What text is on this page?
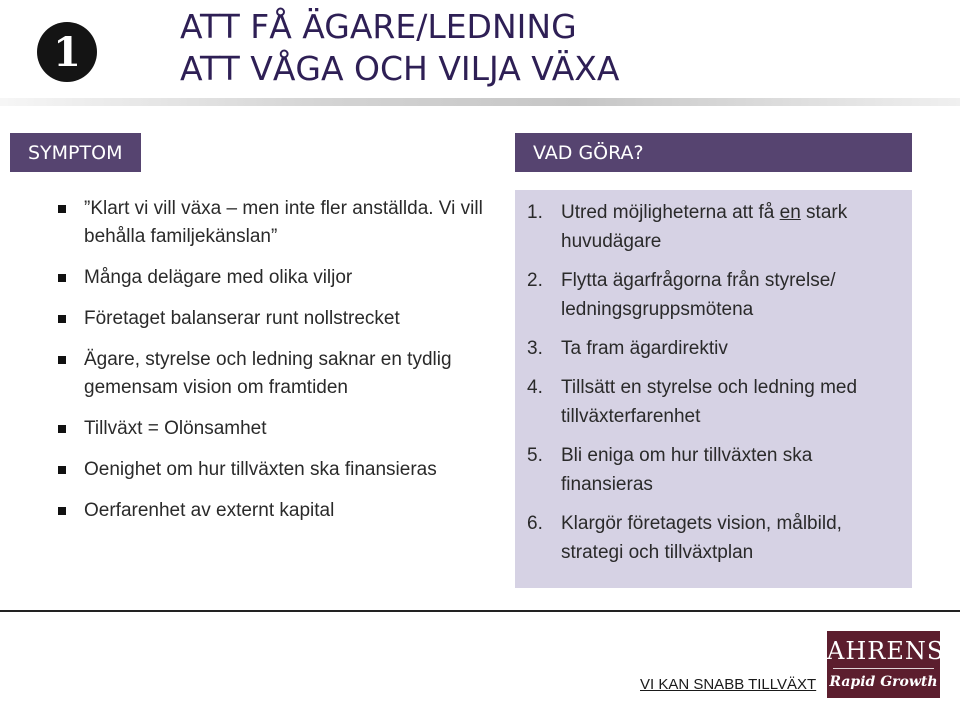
1
ATT FÅ ÄGARE/LEDNING
ATT VÅGA OCH VILJA VÄXA
SYMPTOM	VAD GÖRA?
”Klart vi vill växa – men inte fler anställda. Vi vill behålla familjekänslan”
Många delägare med olika viljor
Företaget balanserar runt nollstrecket
Ägare, styrelse och ledning saknar en tydlig gemensam vision om framtiden
Tillväxt = Olönsamhet
Oenighet om hur tillväxten ska finansieras
Oerfarenhet av externt kapital
1. Utred möjligheterna att få en stark huvudägare
2. Flytta ägarfrågorna från styrelse/ ledningsgruppsmötena
3. Ta fram ägardirektiv
4. Tillsätt en styrelse och ledning med tillväxterfarenhet
5. Bli eniga om hur tillväxten ska finansieras
6. Klargör företagets vision, målbild, strategi och tillväxtplan
VI KAN SNABB TILLVÄXT
AHRENS
Rapid Growth
